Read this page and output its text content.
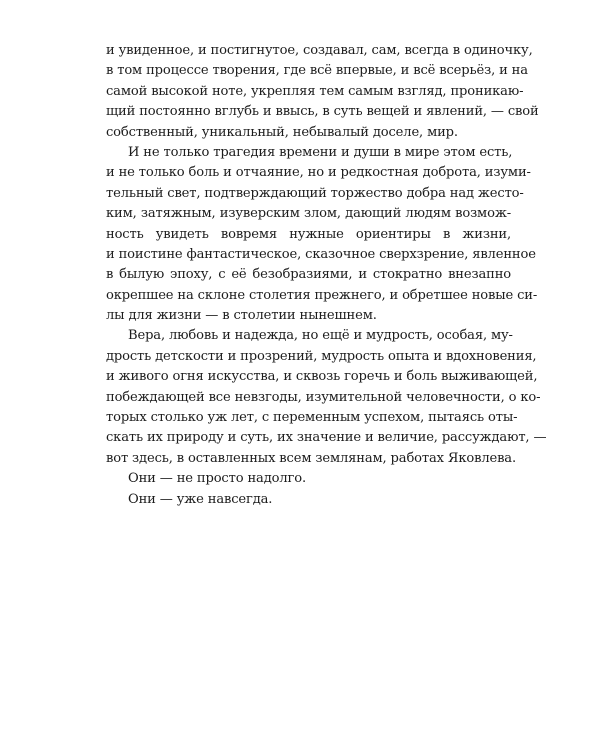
и увиденное, и постигнутое, создавал, сам, всегда в одиночку,
в том процессе творения, где всё впервые, и всё всерьёз, и на
самой высокой ноте, укрепляя тем самым взгляд, проникаю-
щий постоянно вглубь и ввысь, в суть вещей и явлений, — свой
собственный, уникальный, небывалый доселе, мир.
И не только трагедия времени и души в мире этом есть,
и не только боль и отчаяние, но и редкостная доброта, изуми-
тельный свет, подтверждающий торжество добра над жесто-
ким, затяжным, изуверским злом, дающий людям возмож-
ность увидеть вовремя нужные ориентиры в жизни,
и поистине фантастическое, сказочное сверхзрение, явленное
в былую эпоху, с её безобразиями, и стократно внезапно
окрепшее на склоне столетия прежнего, и обретшее новые си-
лы для жизни — в столетии нынешнем.
Вера, любовь и надежда, но ещё и мудрость, особая, му-
дрость детскости и прозрений, мудрость опыта и вдохновения,
и живого огня искусства, и сквозь горечь и боль выживающей,
побеждающей все невзгоды, изумительной человечности, о ко-
торых столько уж лет, с переменным успехом, пытаясь оты-
скать их природу и суть, их значение и величие, рассуждают, —
вот здесь, в оставленных всем землянам, работах Яковлева.
Они — не просто надолго.
Они — уже навсегда.
